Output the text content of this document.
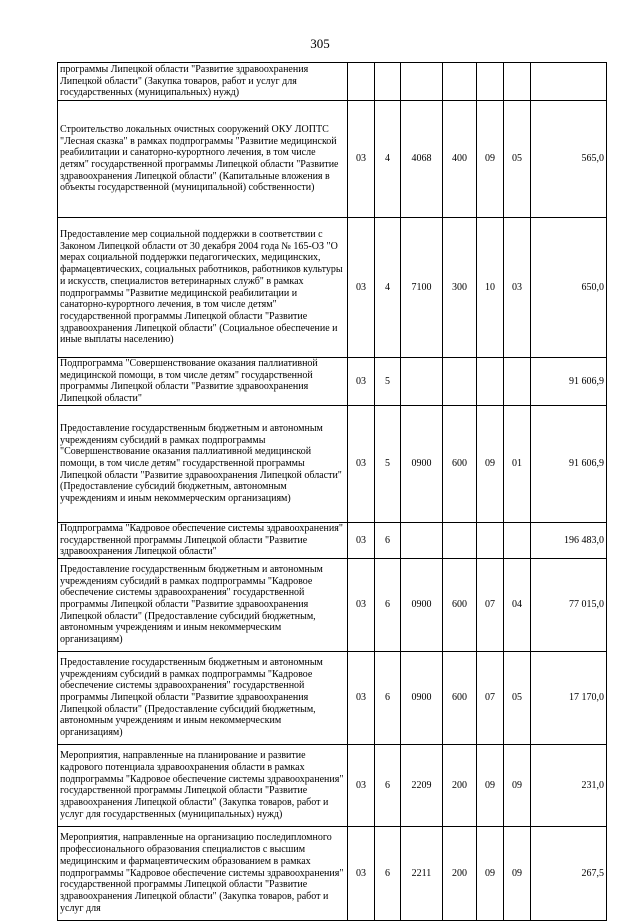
305
программы Липецкой области "Развитие здравоохранения Липецкой области" (Закупка товаров, работ и услуг для государственных (муниципальных) нужд)							
Строительство локальных очистных сооружений ОКУ ЛОПТС "Лесная сказка" в рамках подпрограммы "Развитие медицинской реабилитации и санаторно-курортного лечения, в том числе детям" государственной программы Липецкой области "Развитие здравоохранения Липецкой области" (Капитальные вложения в объекты государственной (муниципальной) собственности)	03	4	4068	400	09	05	565,0
Предоставление мер социальной поддержки в соответствии с Законом Липецкой области от 30 декабря 2004 года № 165-ОЗ "О мерах социальной поддержки педагогических, медицинских, фармацевтических, социальных работников, работников культуры и искусств, специалистов ветеринарных служб" в рамках подпрограммы "Развитие медицинской реабилитации и санаторно-курортного лечения, в том числе детям" государственной программы Липецкой области "Развитие здравоохранения Липецкой области" (Социальное обеспечение и иные выплаты населению)	03	4	7100	300	10	03	650,0
Подпрограмма "Совершенствование оказания паллиативной медицинской помощи, в том числе детям" государственной программы Липецкой области "Развитие здравоохранения Липецкой области"	03	5					91 606,9
Предоставление государственным бюджетным и автономным учреждениям субсидий в рамках подпрограммы "Совершенствование оказания паллиативной медицинской помощи, в том числе детям" государственной программы Липецкой области "Развитие здравоохранения Липецкой области" (Предоставление субсидий бюджетным, автономным учреждениям и иным некоммерческим организациям)	03	5	0900	600	09	01	91 606,9
Подпрограмма "Кадровое обеспечение системы здравоохранения" государственной программы Липецкой области "Развитие здравоохранения Липецкой области"	03	6					196 483,0
Предоставление государственным бюджетным и автономным учреждениям субсидий в рамках подпрограммы "Кадровое обеспечение системы здравоохранения" государственной программы Липецкой области "Развитие здравоохранения Липецкой области" (Предоставление субсидий бюджетным, автономным учреждениям и иным некоммерческим организациям)	03	6	0900	600	07	04	77 015,0
Предоставление государственным бюджетным и автономным учреждениям субсидий в рамках подпрограммы "Кадровое обеспечение системы здравоохранения" государственной программы Липецкой области "Развитие здравоохранения Липецкой области" (Предоставление субсидий бюджетным, автономным учреждениям и иным некоммерческим организациям)	03	6	0900	600	07	05	17 170,0
Мероприятия, направленные на планирование и развитие кадрового потенциала здравоохранения области в рамках подпрограммы "Кадровое обеспечение системы здравоохранения" государственной программы Липецкой области "Развитие здравоохранения Липецкой области" (Закупка товаров, работ и услуг для государственных (муниципальных) нужд)	03	6	2209	200	09	09	231,0
Мероприятия, направленные на организацию последипломного профессионального образования специалистов с высшим медицинским и фармацевтическим образованием в рамках подпрограммы "Кадровое обеспечение системы здравоохранения" государственной программы Липецкой области "Развитие здравоохранения Липецкой области" (Закупка товаров, работ и услуг для	03	6	2211	200	09	09	267,5
